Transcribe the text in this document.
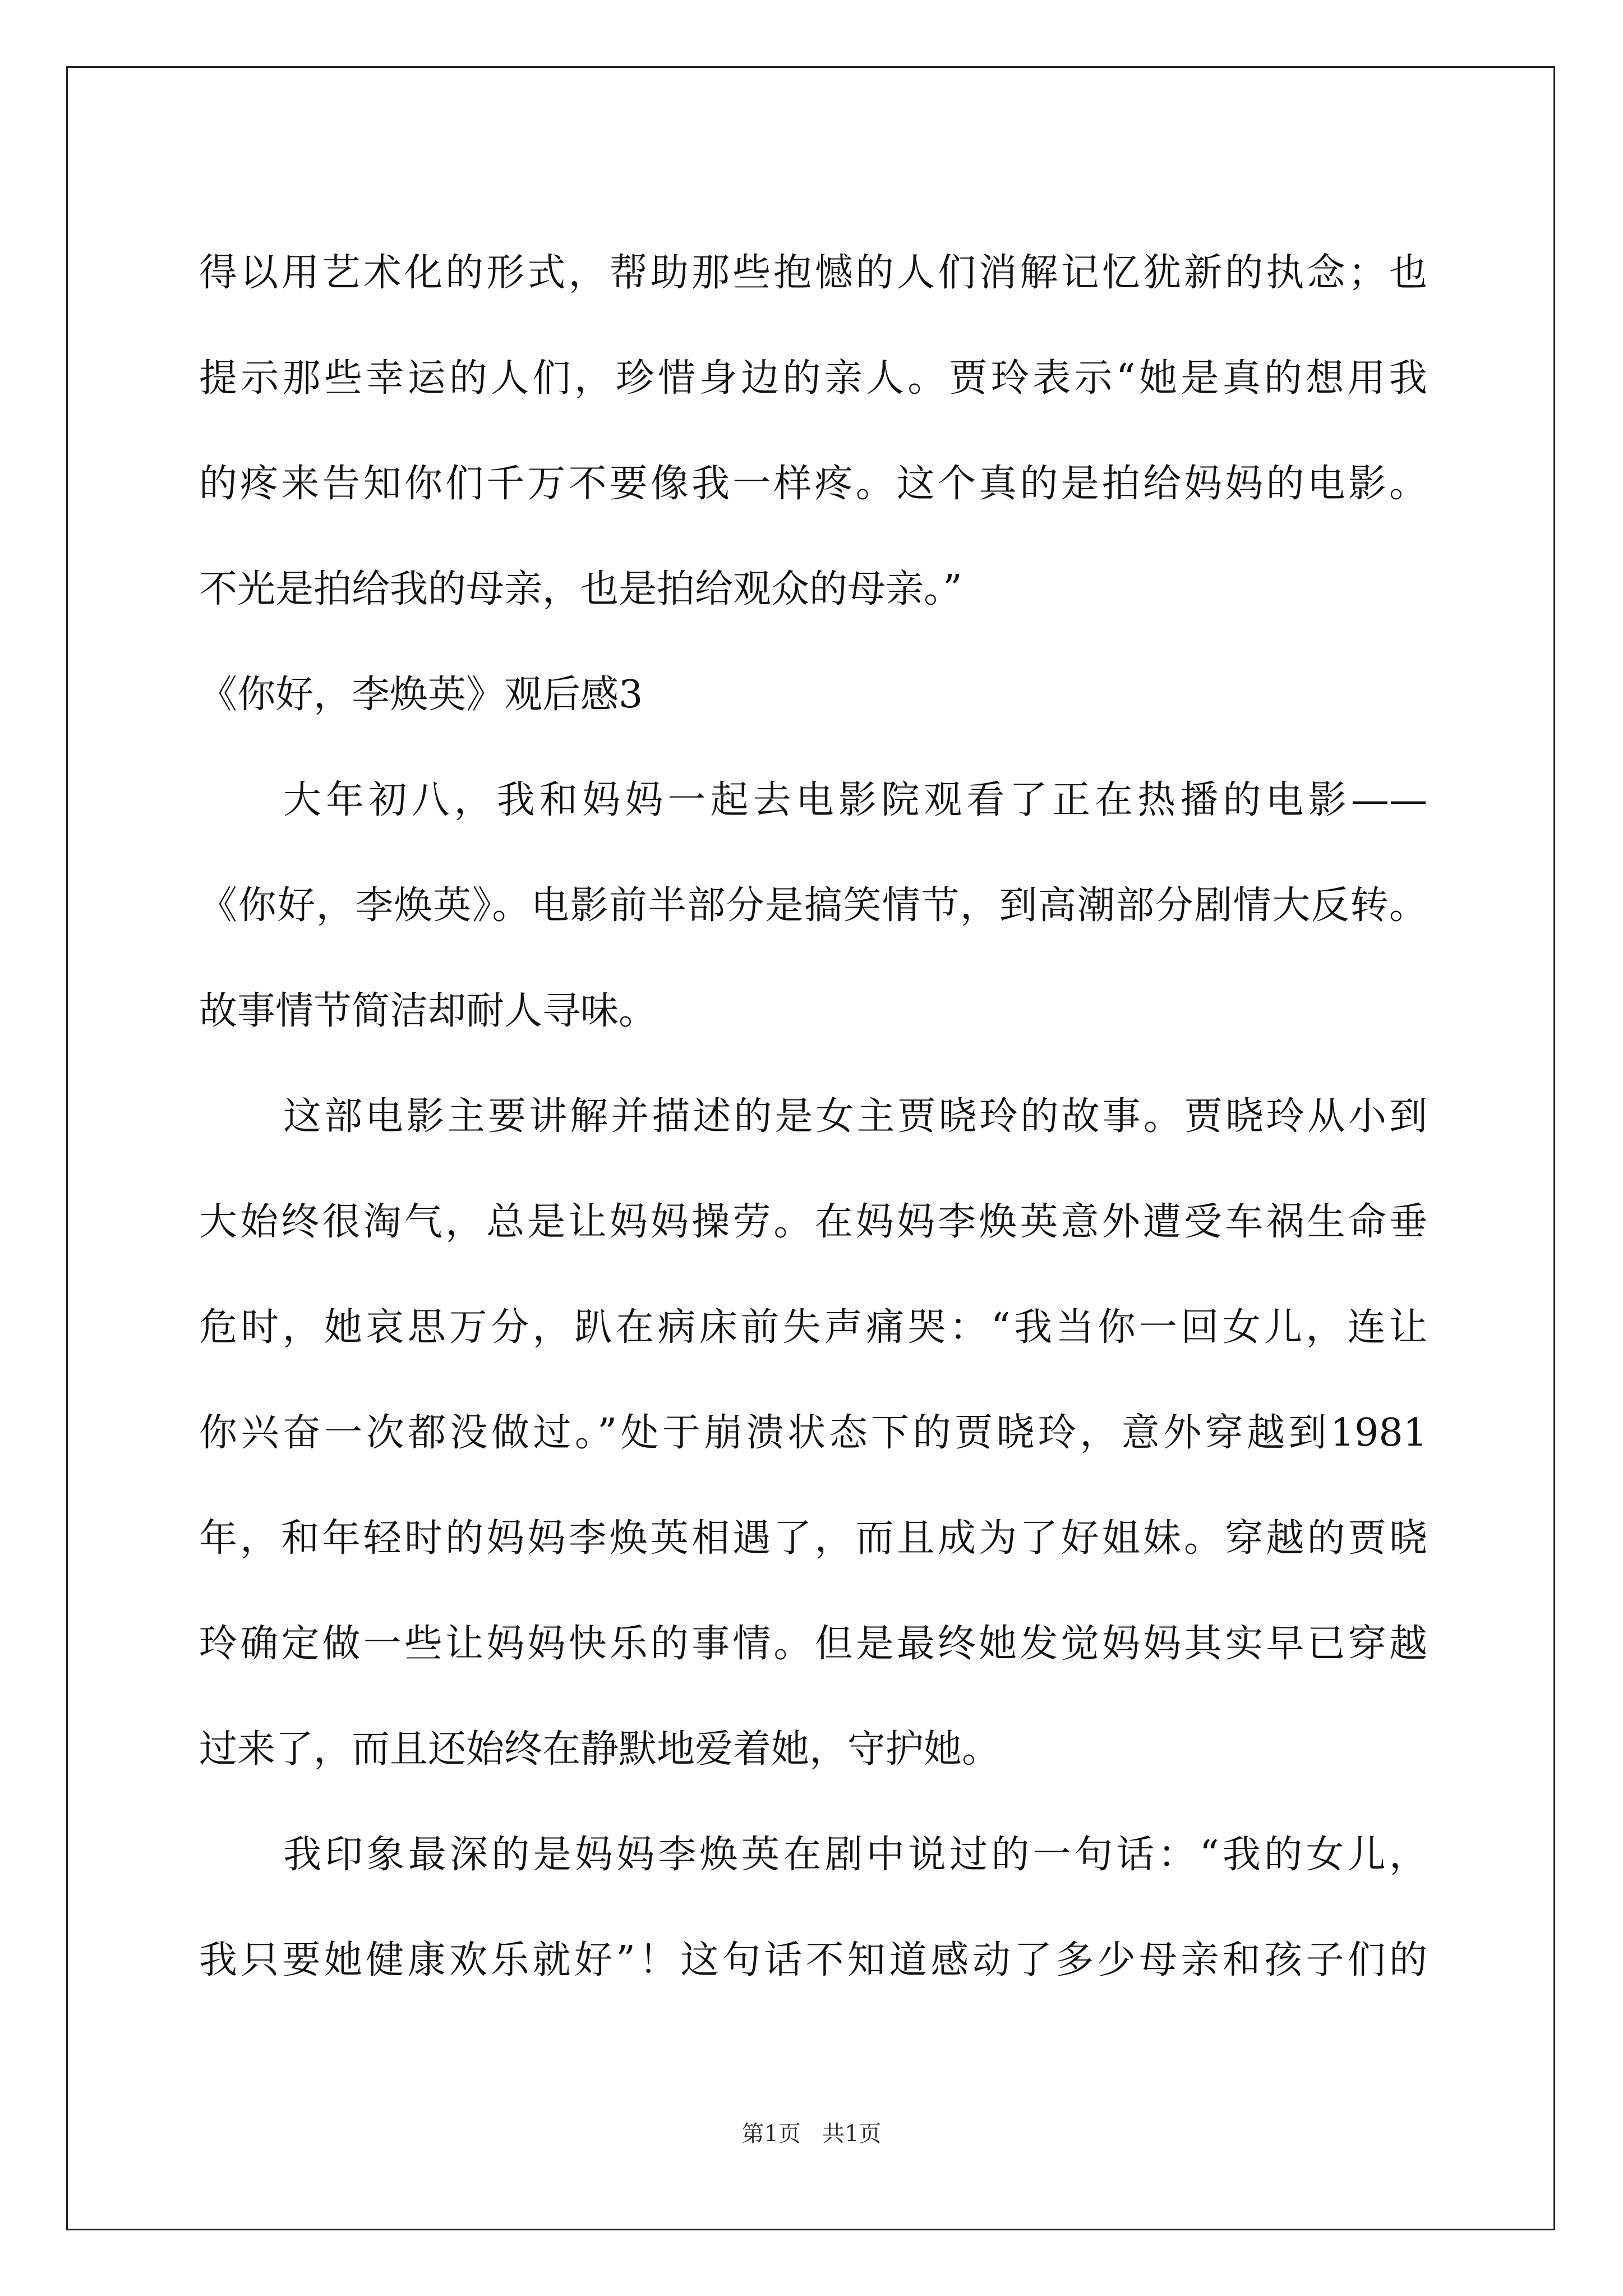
得以用艺术化的形式，帮助那些抱憾的人们消解记忆犹新的执念；也
提示那些幸运的人们，珍惜身边的亲人。贾玲表示“她是真的想用我
的疼来告知你们千万不要像我一样疼。这个真的是拍给妈妈的电影。
不光是拍给我的母亲，也是拍给观众的母亲。”
《你好，李焕英》观后感3
大年初八，我和妈妈一起去电影院观看了正在热播的电影——
《你好，李焕英》。电影前半部分是搞笑情节，到高潮部分剧情大反转。
故事情节简洁却耐人寻味。
这部电影主要讲解并描述的是女主贾晓玲的故事。贾晓玲从小到
大始终很淘气，总是让妈妈操劳。在妈妈李焕英意外遭受车祸生命垂
危时，她哀思万分，趴在病床前失声痛哭：“我当你一回女儿，连让
你兴奋一次都没做过。”处于崩溃状态下的贾晓玲，意外穿越到1981
年，和年轻时的妈妈李焕英相遇了，而且成为了好姐妹。穿越的贾晓
玲确定做一些让妈妈快乐的事情。但是最终她发觉妈妈其实早已穿越
过来了，而且还始终在静默地爱着她，守护她。
我印象最深的是妈妈李焕英在剧中说过的一句话：“我的女儿，
我只要她健康欢乐就好”！这句话不知道感动了多少母亲和孩子们的
第1页   共1页
